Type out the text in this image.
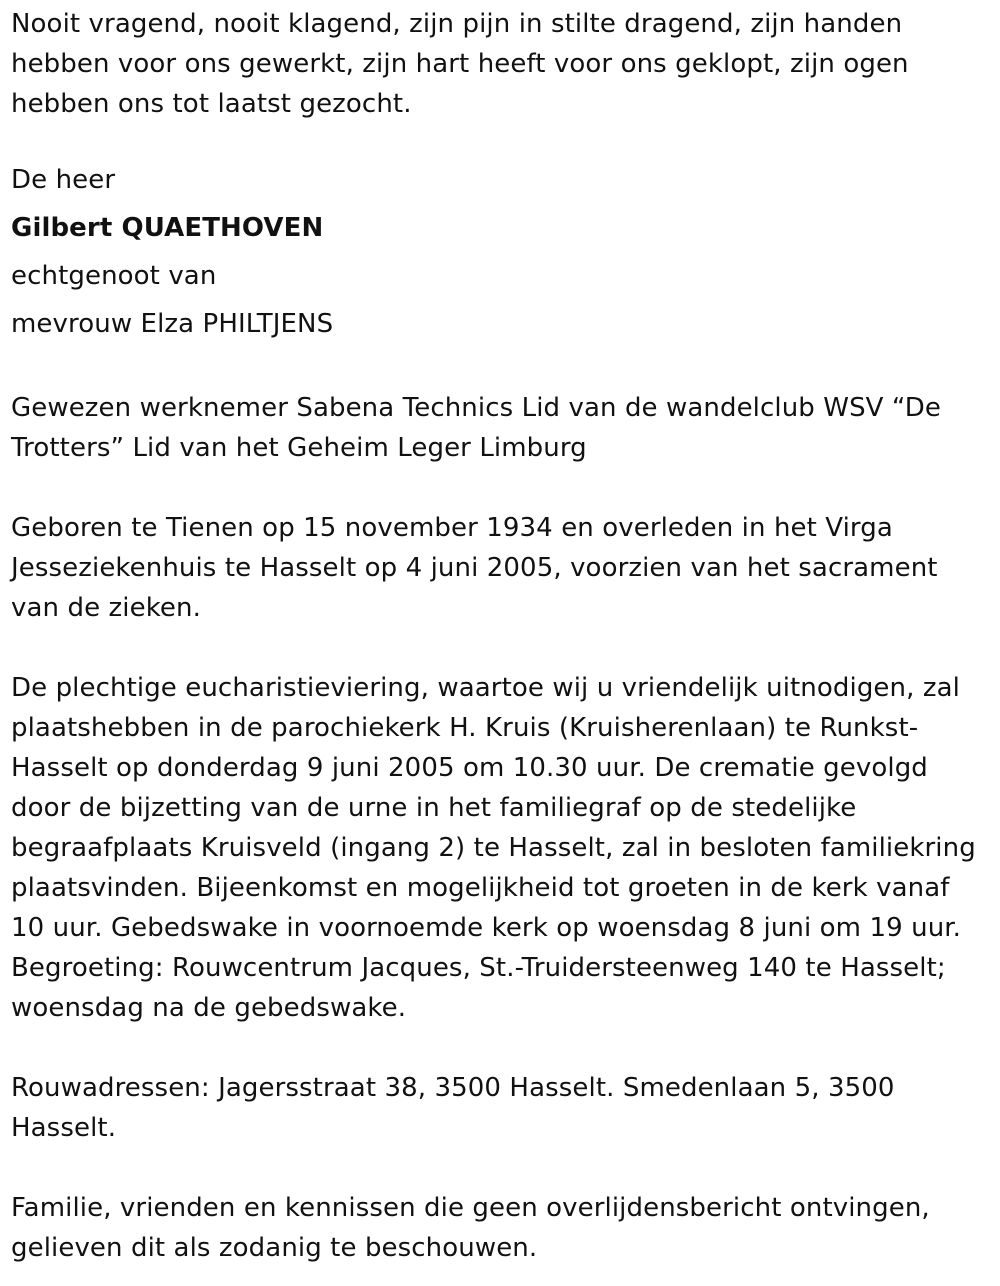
Nooit vragend, nooit klagend, zijn pijn in stilte dragend, zijn handen hebben voor ons gewerkt, zijn hart heeft voor ons geklopt, zijn ogen hebben ons tot laatst gezocht.

De heer

Gilbert QUAETHOVEN

echtgenoot van

mevrouw Elza PHILTJENS

Gewezen werknemer Sabena Technics Lid van de wandelclub WSV “De Trotters” Lid van het Geheim Leger Limburg

Geboren te Tienen op 15 november 1934 en overleden in het Virga Jesseziekenhuis te Hasselt op 4 juni 2005, voorzien van het sacrament van de zieken.

De plechtige eucharistieviering, waartoe wij u vriendelijk uitnodigen, zal plaatshebben in de parochiekerk H. Kruis (Kruisherenlaan) te Runkst-Hasselt op donderdag 9 juni 2005 om 10.30 uur. De crematie gevolgd door de bijzetting van de urne in het familiegraf op de stedelijke begraafplaats Kruisveld (ingang 2) te Hasselt, zal in besloten familiekring plaatsvinden. Bijeenkomst en mogelijkheid tot groeten in de kerk vanaf 10 uur. Gebedswake in voornoemde kerk op woensdag 8 juni om 19 uur. Begroeting: Rouwcentrum Jacques, St.-Truidersteenweg 140 te Hasselt; woensdag na de gebedswake.

Rouwadressen: Jagersstraat 38, 3500 Hasselt. Smedenlaan 5, 3500 Hasselt.

Familie, vrienden en kennissen die geen overlijdensbericht ontvingen, gelieven dit als zodanig te beschouwen.
